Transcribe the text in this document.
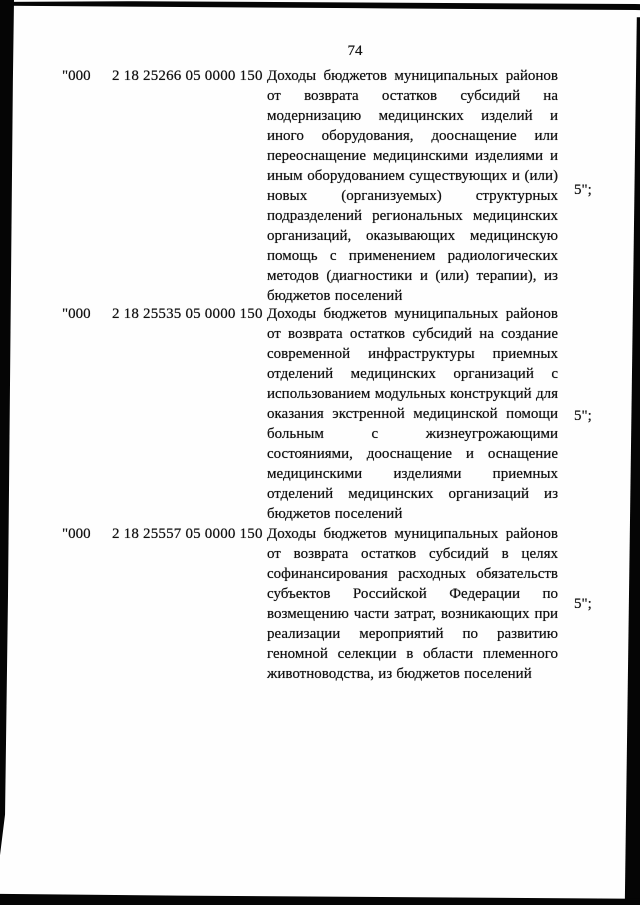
74
"000 2 18 25266 05 0000 150 Доходы бюджетов муниципальных районов от возврата остатков субсидий на модернизацию медицинских изделий и иного оборудования, дооснащение или переоснащение медицинскими изделиями и иным оборудованием существующих и (или) новых (организуемых) структурных подразделений региональных медицинских организаций, оказывающих медицинскую помощь с применением радиологических методов (диагностики и (или) терапии), из бюджетов поселений
5";
"000 2 18 25535 05 0000 150 Доходы бюджетов муниципальных районов от возврата остатков субсидий на создание современной инфраструктуры приемных отделений медицинских организаций с использованием модульных конструкций для оказания экстренной медицинской помощи больным с жизнеугрожающими состояниями, дооснащение и оснащение медицинскими изделиями приемных отделений медицинских организаций из бюджетов поселений
5";
"000 2 18 25557 05 0000 150 Доходы бюджетов муниципальных районов от возврата остатков субсидий в целях софинансирования расходных обязательств субъектов Российской Федерации по возмещению части затрат, возникающих при реализации мероприятий по развитию геномной селекции в области племенного животноводства, из бюджетов поселений
5";
